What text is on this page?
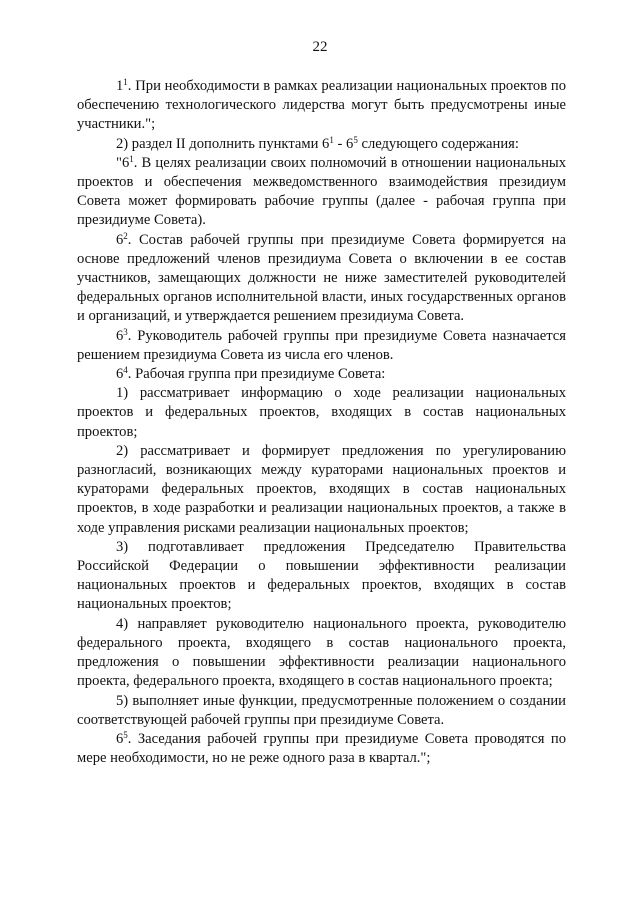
22

$1^1$. При необходимости в рамках реализации национальных проектов по обеспечению технологического лидерства могут быть предусмотрены иные участники.";

2) раздел II дополнить пунктами $6^1 - 6^5$ следующего содержания:

"$6^1$. В целях реализации своих полномочий в отношении национальных проектов и обеспечения межведомственного взаимодействия президиум Совета может формировать рабочие группы (далее - рабочая группа при президиуме Совета).

$6^2$. Состав рабочей группы при президиуме Совета формируется на основе предложений членов президиума Совета о включении в ее состав участников, замещающих должности не ниже заместителей руководителей федеральных органов исполнительной власти, иных государственных органов и организаций, и утверждается решением президиума Совета.

$6^3$. Руководитель рабочей группы при президиуме Совета назначается решением президиума Совета из числа его членов.

$6^4$. Рабочая группа при президиуме Совета:

1) рассматривает информацию о ходе реализации национальных проектов и федеральных проектов, входящих в состав национальных проектов;

2) рассматривает и формирует предложения по урегулированию разногласий, возникающих между кураторами национальных проектов и кураторами федеральных проектов, входящих в состав национальных проектов, в ходе разработки и реализации национальных проектов, а также в ходе управления рисками реализации национальных проектов;

3) подготавливает предложения Председателю Правительства Российской Федерации о повышении эффективности реализации национальных проектов и федеральных проектов, входящих в состав национальных проектов;

4) направляет руководителю национального проекта, руководителю федерального проекта, входящего в состав национального проекта, предложения о повышении эффективности реализации национального проекта, федерального проекта, входящего в состав национального проекта;

5) выполняет иные функции, предусмотренные положением о создании соответствующей рабочей группы при президиуме Совета.

$6^5$. Заседания рабочей группы при президиуме Совета проводятся по мере необходимости, но не реже одного раза в квартал.";
